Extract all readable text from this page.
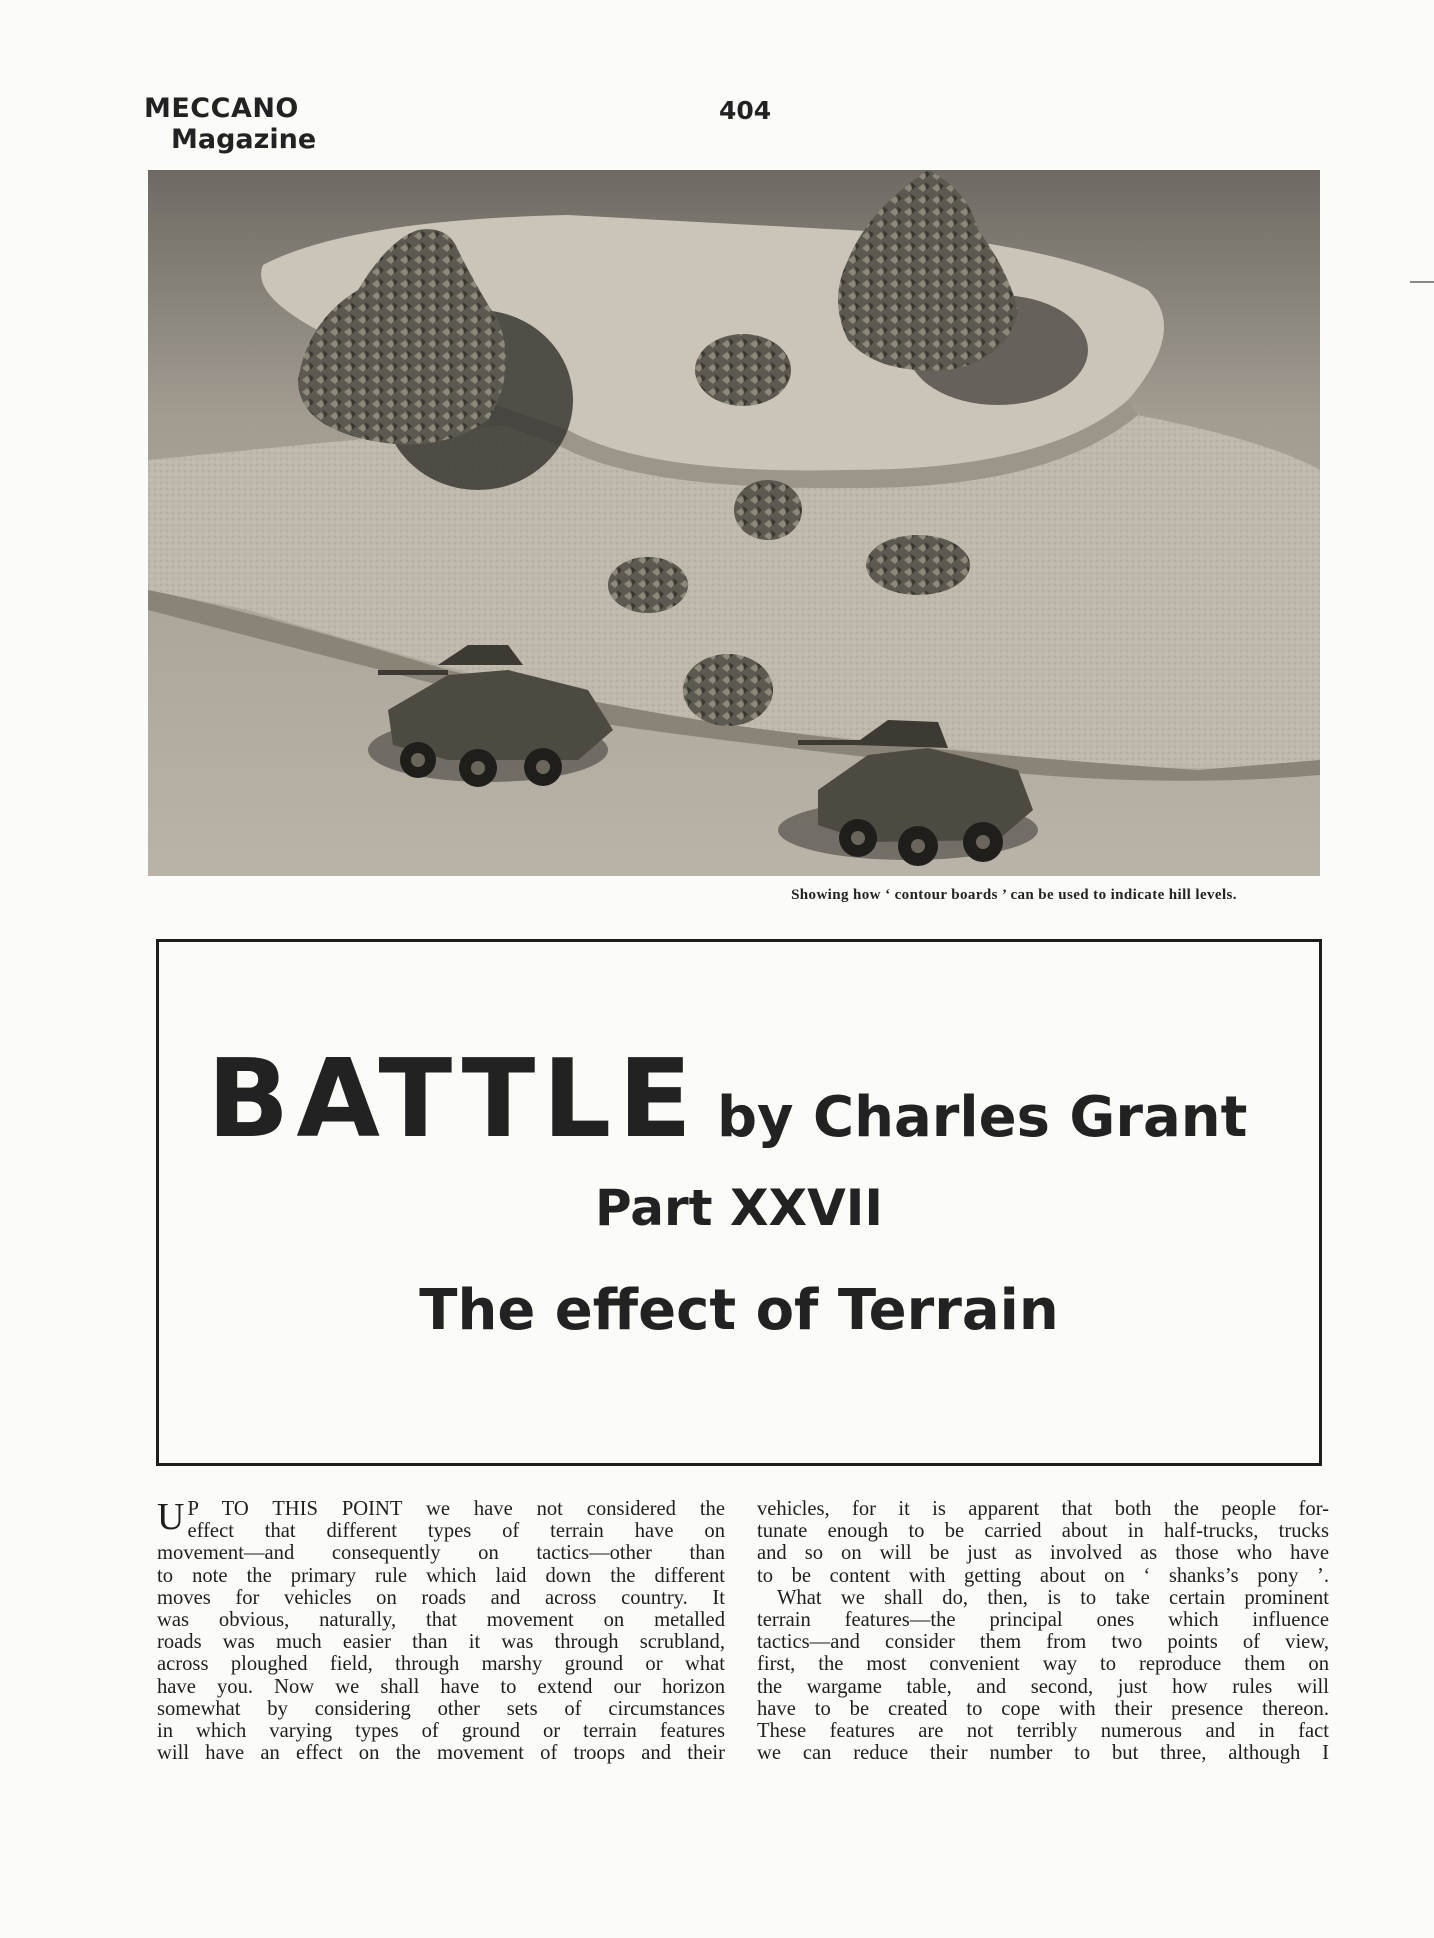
MECCANO
Magazine
404
Showing how ‘ contour boards ’ can be used to indicate hill levels.
BATTLE by Charles Grant
Part XXVII
The effect of Terrain
U P TO THIS POINT we have not considered the
effect that different types of terrain have on
movement—and consequently on tactics—other than
to note the primary rule which laid down the different
moves for vehicles on roads and across country. It
was obvious, naturally, that movement on metalled
roads was much easier than it was through scrubland,
across ploughed field, through marshy ground or what
have you. Now we shall have to extend our horizon
somewhat by considering other sets of circumstances
in which varying types of ground or terrain features
will have an effect on the movement of troops and their
vehicles, for it is apparent that both the people for-
tunate enough to be carried about in half-trucks, trucks
and so on will be just as involved as those who have
to be content with getting about on ‘ shanks’s pony ’.
What we shall do, then, is to take certain prominent
terrain features—the principal ones which influence
tactics—and consider them from two points of view,
first, the most convenient way to reproduce them on
the wargame table, and second, just how rules will
have to be created to cope with their presence thereon.
These features are not terribly numerous and in fact
we can reduce their number to but three, although I
